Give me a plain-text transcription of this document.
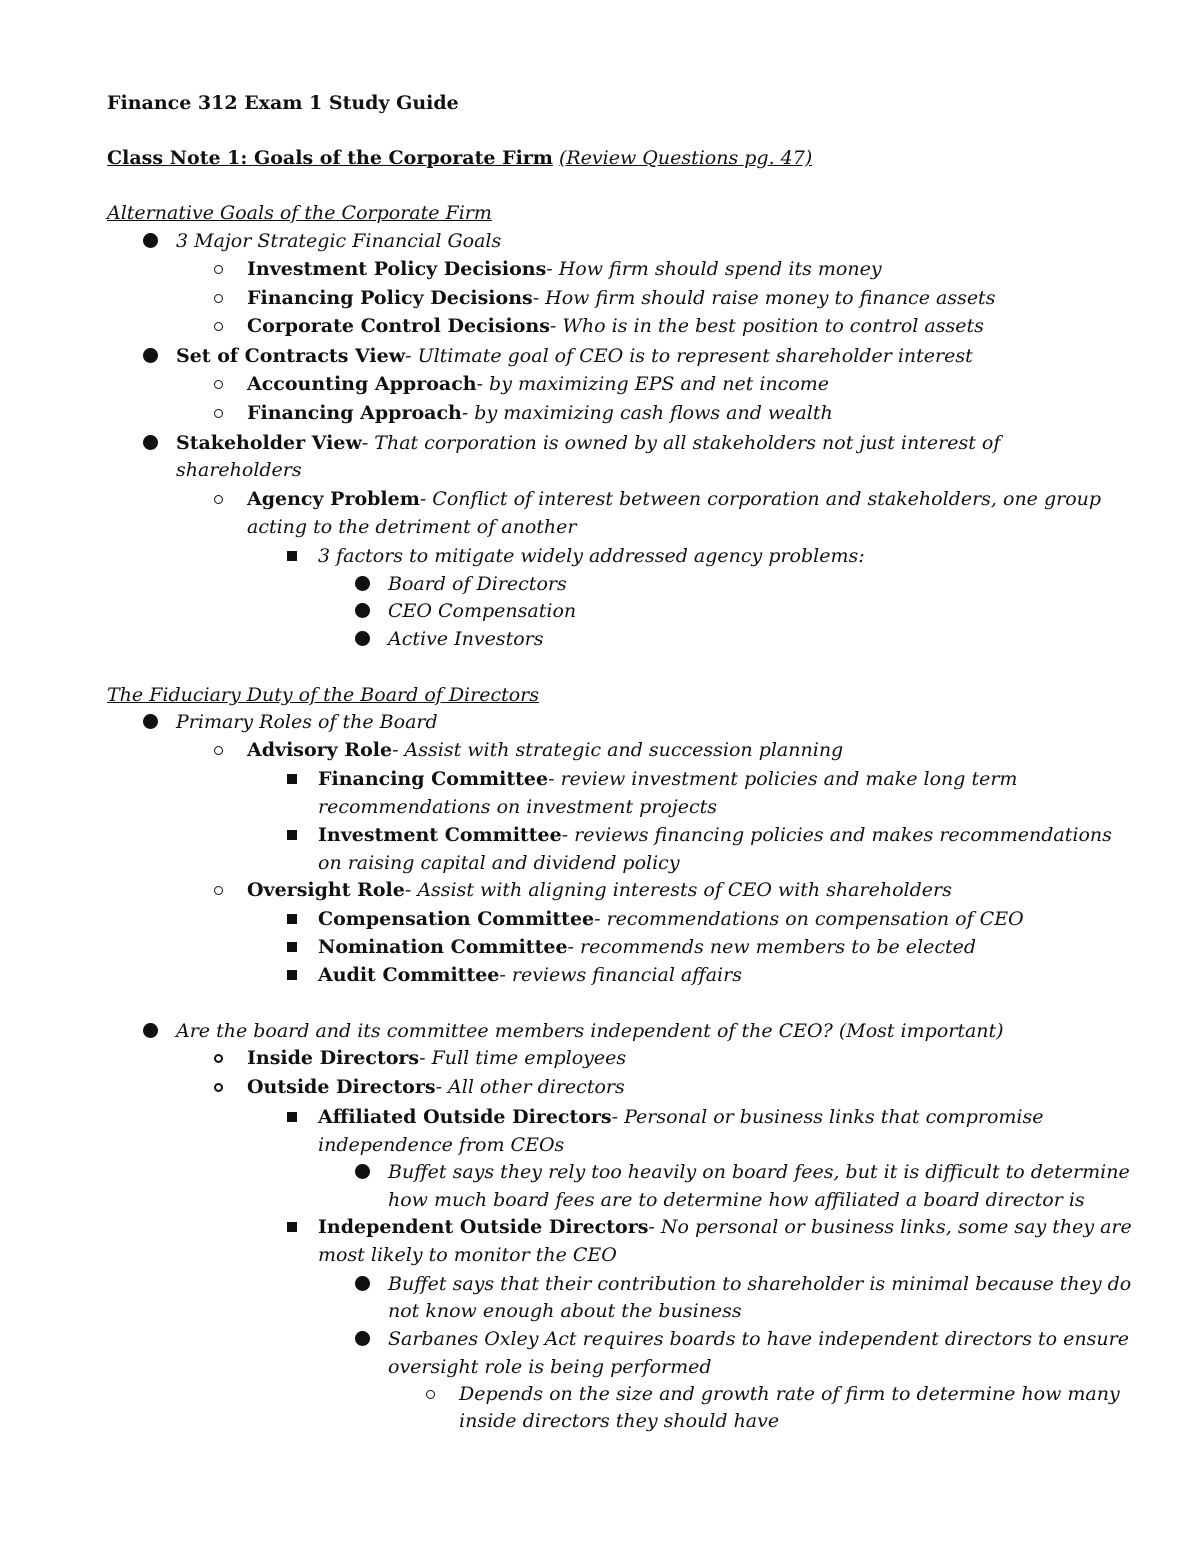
Finance 312 Exam 1 Study Guide
Class Note 1: Goals of the Corporate Firm (Review Questions pg. 47)
Alternative Goals of the Corporate Firm
3 Major Strategic Financial Goals
Investment Policy Decisions- How firm should spend its money
Financing Policy Decisions- How firm should raise money to finance assets
Corporate Control Decisions- Who is in the best position to control assets
Set of Contracts View- Ultimate goal of CEO is to represent shareholder interest
Accounting Approach- by maximizing EPS and net income
Financing Approach- by maximizing cash flows and wealth
Stakeholder View- That corporation is owned by all stakeholders not just interest of
shareholders
Agency Problem- Conflict of interest between corporation and stakeholders, one group
acting to the detriment of another
3 factors to mitigate widely addressed agency problems:
Board of Directors
CEO Compensation
Active Investors
The Fiduciary Duty of the Board of Directors
Primary Roles of the Board
Advisory Role- Assist with strategic and succession planning
Financing Committee- review investment policies and make long term
recommendations on investment projects
Investment Committee- reviews financing policies and makes recommendations
on raising capital and dividend policy
Oversight Role- Assist with aligning interests of CEO with shareholders
Compensation Committee- recommendations on compensation of CEO
Nomination Committee- recommends new members to be elected
Audit Committee- reviews financial affairs
Are the board and its committee members independent of the CEO? (Most important)
Inside Directors- Full time employees
Outside Directors- All other directors
Affiliated Outside Directors- Personal or business links that compromise
independence from CEOs
Buffet says they rely too heavily on board fees, but it is difficult to determine
how much board fees are to determine how affiliated a board director is
Independent Outside Directors- No personal or business links, some say they are
most likely to monitor the CEO
Buffet says that their contribution to shareholder is minimal because they do
not know enough about the business
Sarbanes Oxley Act requires boards to have independent directors to ensure
oversight role is being performed
Depends on the size and growth rate of firm to determine how many
inside directors they should have
